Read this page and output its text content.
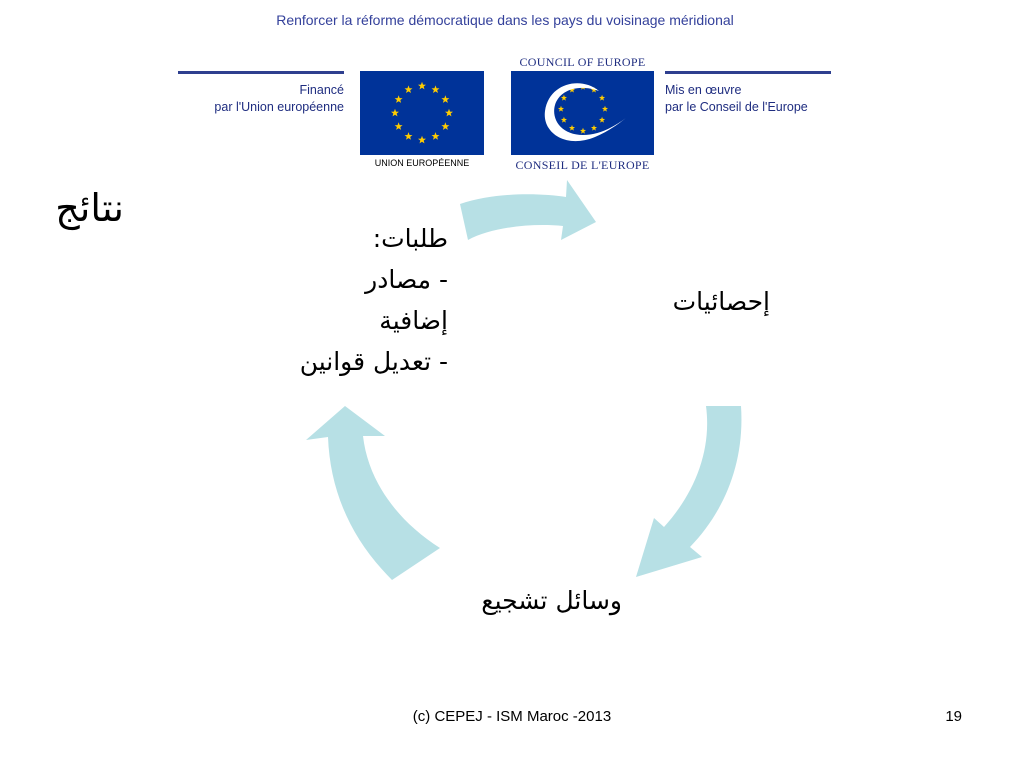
Renforcer la réforme démocratique dans les pays du voisinage méridional
Financé
par l'Union européenne
UNION EUROPÉENNE
COUNCIL OF EUROPE
CONSEIL DE L'EUROPE
Mis en œuvre
par le Conseil de l'Europe
نتائج
طلبات:
- مصادر
إضافية
- تعديل قوانين
إحصائيات
وسائل تشجيع
(c) CEPEJ - ISM Maroc -2013	19
